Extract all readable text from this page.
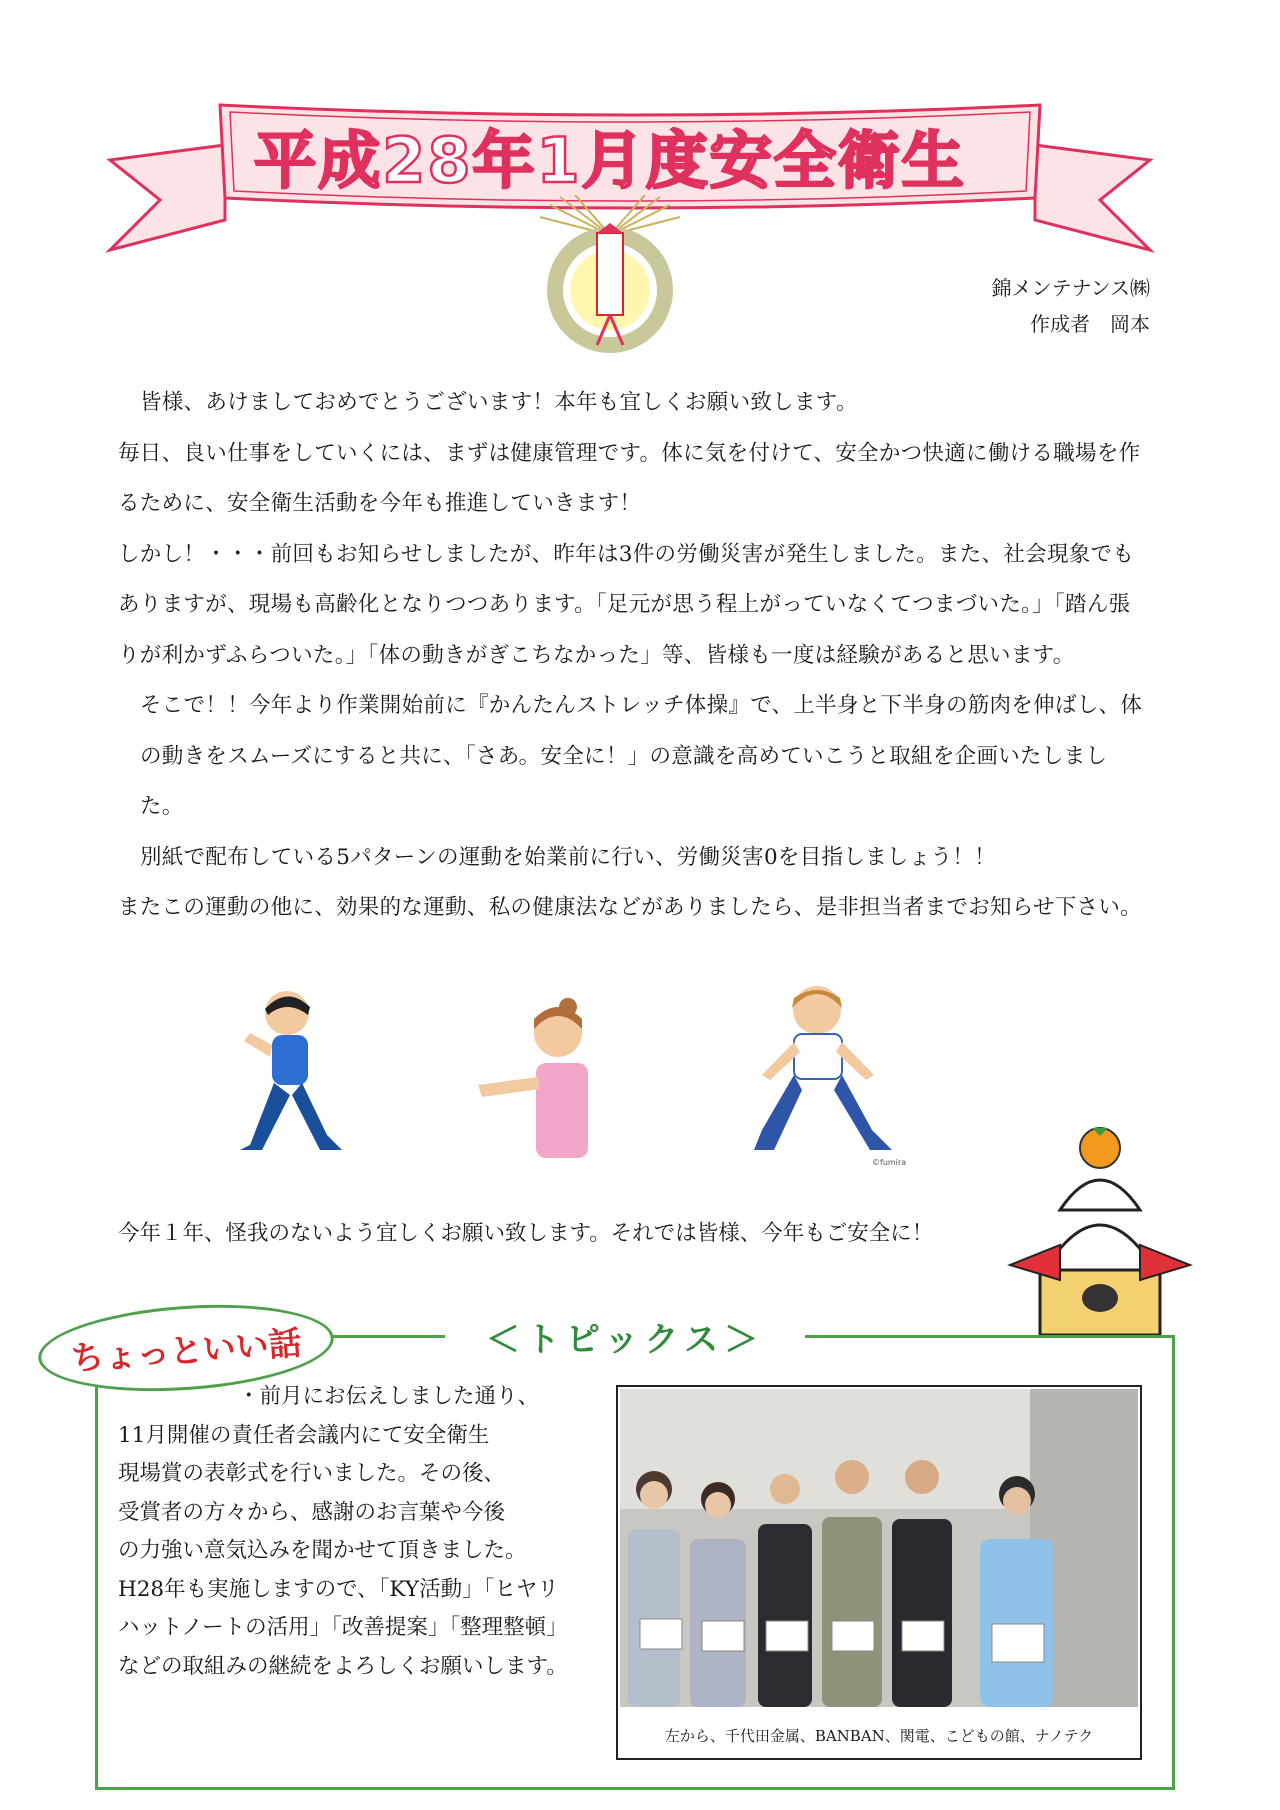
平成28年1月度安全衛生
錦メンテナンス㈱
作成者　岡本

皆様、あけましておめでとうございます！本年も宜しくお願い致します。

毎日、良い仕事をしていくには、まずは健康管理です。体に気を付けて、安全かつ快適に働ける職場を作るために、安全衛生活動を今年も推進していきます！

しかし！・・・前回もお知らせしましたが、昨年は3件の労働災害が発生しました。また、社会現象でもありますが、現場も高齢化となりつつあります。「足元が思う程上がっていなくてつまづいた。」「踏ん張りが利かずふらついた。」「体の動きがぎこちなかった」等、皆様も一度は経験があると思います。

そこで！！今年より作業開始前に『かんたんストレッチ体操』で、上半身と下半身の筋肉を伸ばし、体の動きをスムーズにすると共に、「さあ。安全に！」の意識を高めていこうと取組を企画いたしました。

別紙で配布している5パターンの運動を始業前に行い、労働災害0を目指しましょう！！

またこの運動の他に、効果的な運動、私の健康法などがありましたら、是非担当者までお知らせ下さい。

©fumira
今年１年、怪我のないよう宜しくお願い致します。それでは皆様、今年もご安全に！
＜トピックス＞
ちょっといい話

・前月にお伝えしました通り、

11月開催の責任者会議内にて安全衛生

現場賞の表彰式を行いました。その後、

受賞者の方々から、感謝のお言葉や今後

の力強い意気込みを聞かせて頂きました。

H28年も実施しますので、「KY活動」「ヒヤリ

ハットノートの活用」「改善提案」「整理整頓」

などの取組みの継続をよろしくお願いします。

左から、千代田金属、BANBAN、関電、こどもの館、ナノテク
